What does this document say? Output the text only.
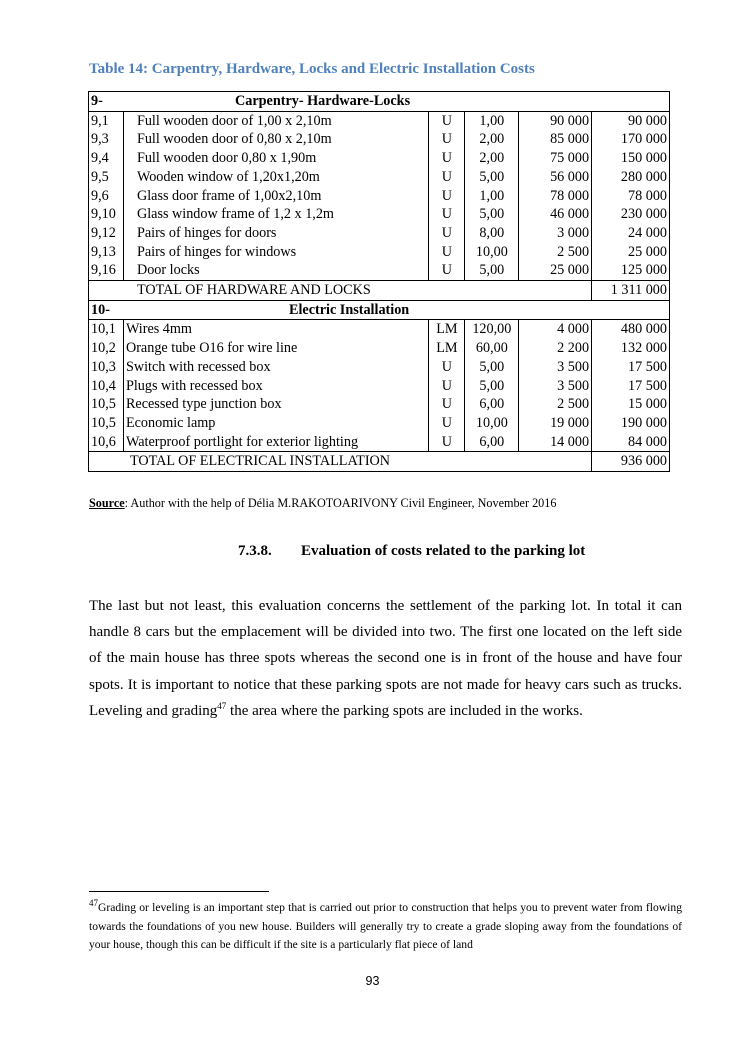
Table 14: Carpentry, Hardware, Locks and Electric Installation Costs
9- Carpentry- Hardware-Locks					

9,1	Full wooden door of 1,00 x 2,10m	U	1,00	90 000	90 000
9,3	Full wooden door of 0,80 x 2,10m	U	2,00	85 000	170 000
9,4	Full wooden door 0,80 x 1,90m	U	2,00	75 000	150 000
9,5	Wooden window of 1,20x1,20m	U	5,00	56 000	280 000
9,6	Glass door frame of 1,00x2,10m	U	1,00	78 000	78 000
9,10	Glass window frame of 1,2 x 1,2m	U	5,00	46 000	230 000
9,12	Pairs of hinges for doors	U	8,00	3 000	24 000
9,13	Pairs of hinges for windows	U	10,00	2 500	25 000
9,16	Door locks	U	5,00	25 000	125 000
TOTAL OF HARDWARE AND LOCKS					1 311 000
10- Electric Installation					

10,1	Wires 4mm	LM	120,00	4 000	480 000
10,2	Orange tube O16 for wire line	LM	60,00	2 200	132 000
10,3	Switch with recessed box	U	5,00	3 500	17 500
10,4	Plugs with recessed box	U	5,00	3 500	17 500
10,5	Recessed type junction box	U	6,00	2 500	15 000
10,5	Economic lamp	U	10,00	19 000	190 000
10,6	Waterproof portlight for exterior lighting	U	6,00	14 000	84 000
TOTAL OF ELECTRICAL INSTALLATION					936 000
Source: Author with the help of Délia M.RAKOTOARIVONY Civil Engineer, November 2016
7.3.8. Evaluation of costs related to the parking lot

The last but not least, this evaluation concerns the settlement of the parking lot. In total it can handle 8 cars but the emplacement will be divided into two. The first one located on the left side of the main house has three spots whereas the second one is in front of the house and have four spots. It is important to notice that these parking spots are not made for heavy cars such as trucks. Leveling and grading$^{47}$ the area where the parking spots are included in the works.

$^{47}$Grading or leveling is an important step that is carried out prior to construction that helps you to prevent water from flowing towards the foundations of you new house. Builders will generally try to create a grade sloping away from the foundations of your house, though this can be difficult if the site is a particularly flat piece of land

93
